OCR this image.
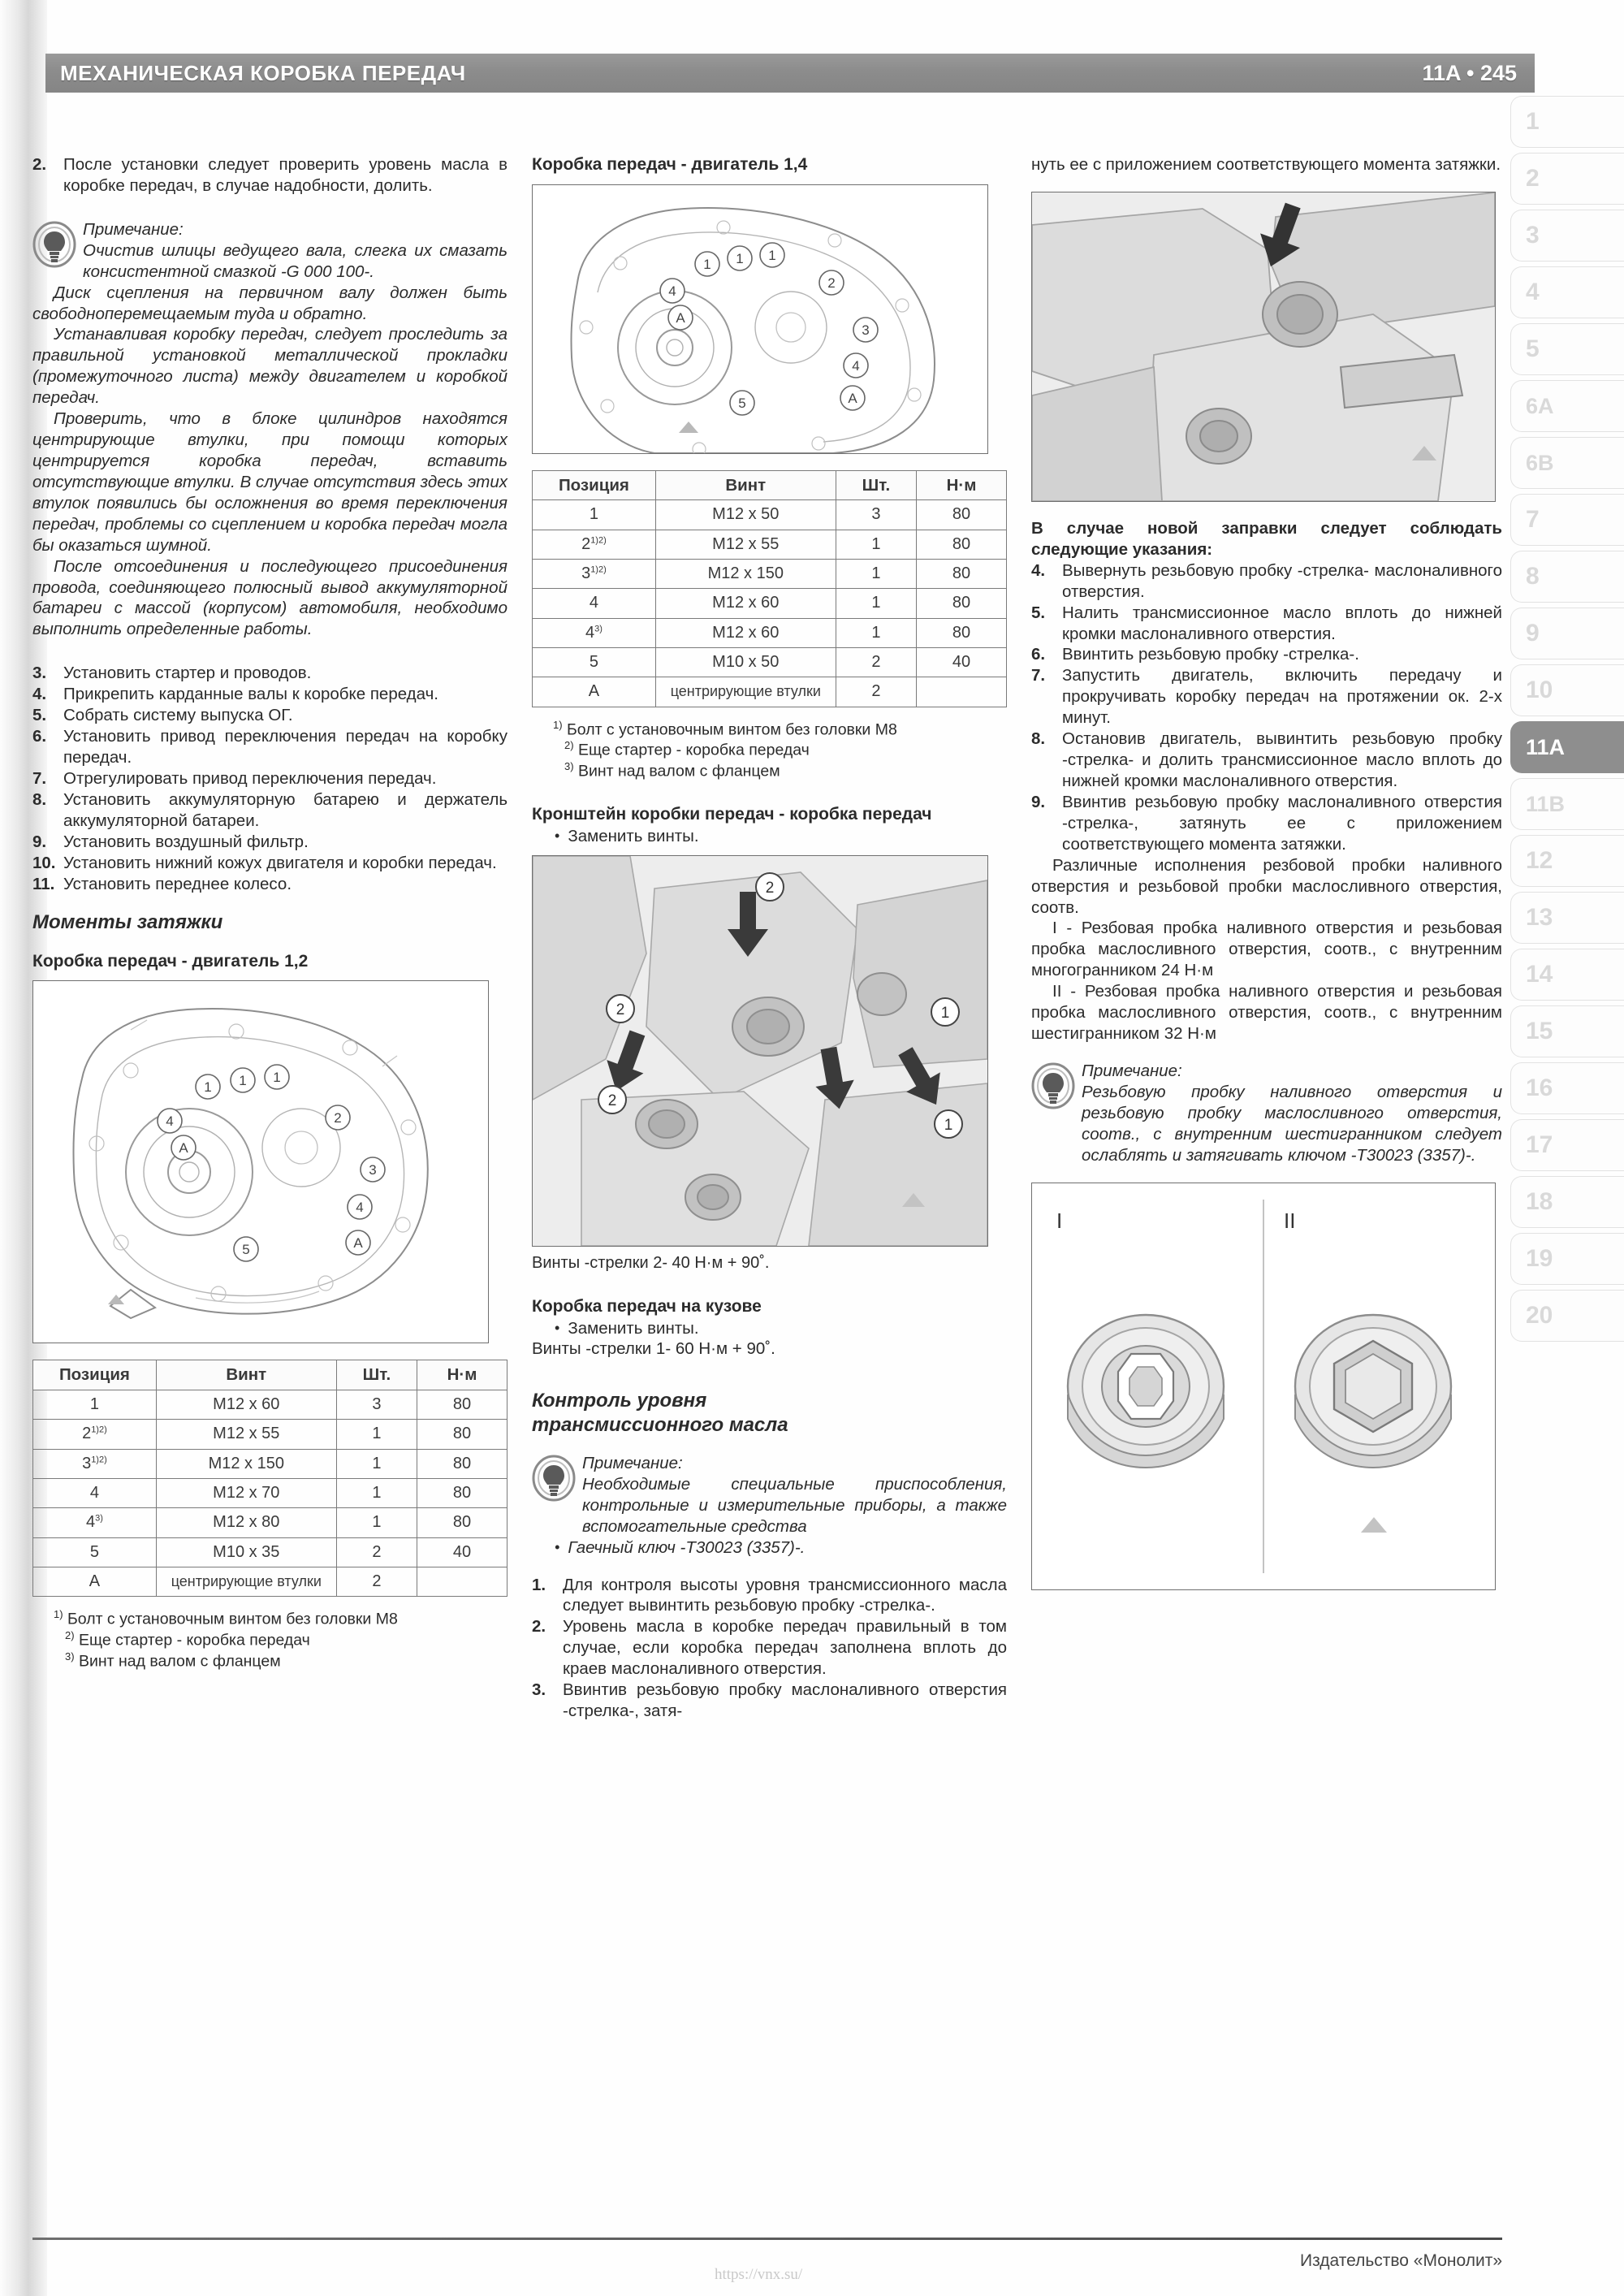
МЕХАНИЧЕСКАЯ КОРОБКА ПЕРЕДАЧ	11A • 245
2.	После установки следует проверить уровень масла в коробке передач, в случае надобности, долить.
Примечание:
Очистив шлицы ведущего вала, слегка их смазать консистентной смазкой -G 000 100-.
Диск сцепления на первичном валу должен быть свободноперемещаемым туда и обратно.
Устанавливая коробку передач, следует проследить за правильной установкой металлической прокладки (промежуточного листа) между двигателем и коробкой передач.
Проверить, что в блоке цилиндров находятся центрирующие втулки, при помощи которых центрируется коробка передач, вставить отсутствующие втулки. В случае отсутствия здесь этих втулок появились бы осложнения во время переключения передач, проблемы со сцеплением и коробка передач могла бы оказаться шумной.
После отсоединения и последующего присоединения провода, соединяющего полюсный вывод аккумуляторной батареи с массой (корпусом) автомобиля, необходимо выполнить определенные работы.
3.	Установить стартер и проводов.
4.	Прикрепить карданные валы к коробке передач.
5.	Собрать систему выпуска ОГ.
6.	Установить привод переключения передач на коробку передач.
7.	Отрегулировать привод переключения передач.
8.	Установить аккумуляторную батарею и держатель аккумуляторной батареи.
9.	Установить воздушный фильтр.
10. Установить нижний кожух двигателя и коробки передач.
11. Установить переднее колесо.
Моменты затяжки
Коробка передач - двигатель 1,2
1 1 1
4	2
A
3
4
A
5
Позиция	Винт	Шт.	Н·м
1	M12 x 60	3	80
$2^{1)2)}$	M12 x 55	1	80
$3^{1)2)}$	M12 x 150	1	80
4	M12 x 70	1	80
4$^{3)}$	M12 x 80	1	80
5	M10 x 35	2	40
A	центрирующие втулки	2	
$^{1)}$ Болт с установочным винтом без головки M8
$^{2)}$ Еще стартер - коробка передач
$^{3)}$ Винт над валом с фланцем
Коробка передач - двигатель 1,4
1 1 1
4
2
A
3
4
A
5
Позиция	Винт	Шт.	Н·м
1	M12 x 50	3	80
$2^{1)2)}$	M12 x 55	1	80
$3^{1)2)}$	M12 x 150	1	80
4	M12 x 60	1	80
4$^{3)}$	M12 x 60	1	80
5	M10 x 50	2	40
A	центрирующие втулки	2	
$^{1)}$ Болт с установочным винтом без головки M8
$^{2)}$ Еще стартер - коробка передач
$^{3)}$ Винт над валом с фланцем
Кронштейн коробки передач - коробка передач
• Заменить винты.
2
2
2
1
1
Винты -стрелки 2- 40 Н·м + 90˚.
Коробка передач на кузове
• Заменить винты.
Винты -стрелки 1- 60 Н·м + 90˚.
Контроль уровня
трансмиссионного масла
Примечание:
Необходимые специальные приспособления, контрольные и измерительные приборы, а также вспомогательные средства
• Гаечный ключ -T30023 (3357)-.
1.	Для контроля высоты уровня трансмиссионного масла следует вывинтить резьбовую пробку -стрелка-.
2.	Уровень масла в коробке передач правильный в том случае, если коробка передач заполнена вплоть до краев маслоналивного отверстия.
3.	Ввинтив резьбовую пробку маслоналивного отверстия -стрелка-, затя-
нуть ее с приложением соответствующего момента затяжки.
В случае новой заправки следует соблюдать следующие указания:
4.	Вывернуть резьбовую пробку -стрелка- маслоналивного отверстия.
5.	Налить трансмиссионное масло вплоть до нижней кромки маслоналивного отверстия.
6.	Ввинтить резьбовую пробку -стрелка-.
7.	Запустить двигатель, включить передачу и прокручивать коробку передач на протяжении ок. 2-х минут.
8.	Остановив двигатель, вывинтить резьбовую пробку -стрелка- и долить трансмиссионное масло вплоть до нижней кромки маслоналивного отверстия.
9.	Ввинтив резьбовую пробку маслоналивного отверстия -стрелка-, затянуть ее с приложением соответствующего момента затяжки.
Различные исполнения резбовой пробки наливного отверстия и резьбовой пробки маслосливного отверстия, соотв.
I - Резбовая пробка наливного отверстия и резьбовая пробка маслосливного отверстия, соотв., с внутренним многогранником 24 Н·м
II - Резбовая пробка наливного отверстия и резьбовая пробка маслосливного отверстия, соотв., с внутренним шестигранником 32 Н·м
Примечание:
Резьбовую пробку наливного отверстия и резьбовую пробку маслосливного отверстия, соотв., с внутренним шестигранником следует ослаблять и затягивать ключом -T30023 (3357)-.
I	II
1
2
3
4
5
6A
6B
7
8
9
10
11A
11B
12
13
14
15
16
17
18
19
20
Издательство «Монолит»
https://vnx.su/
